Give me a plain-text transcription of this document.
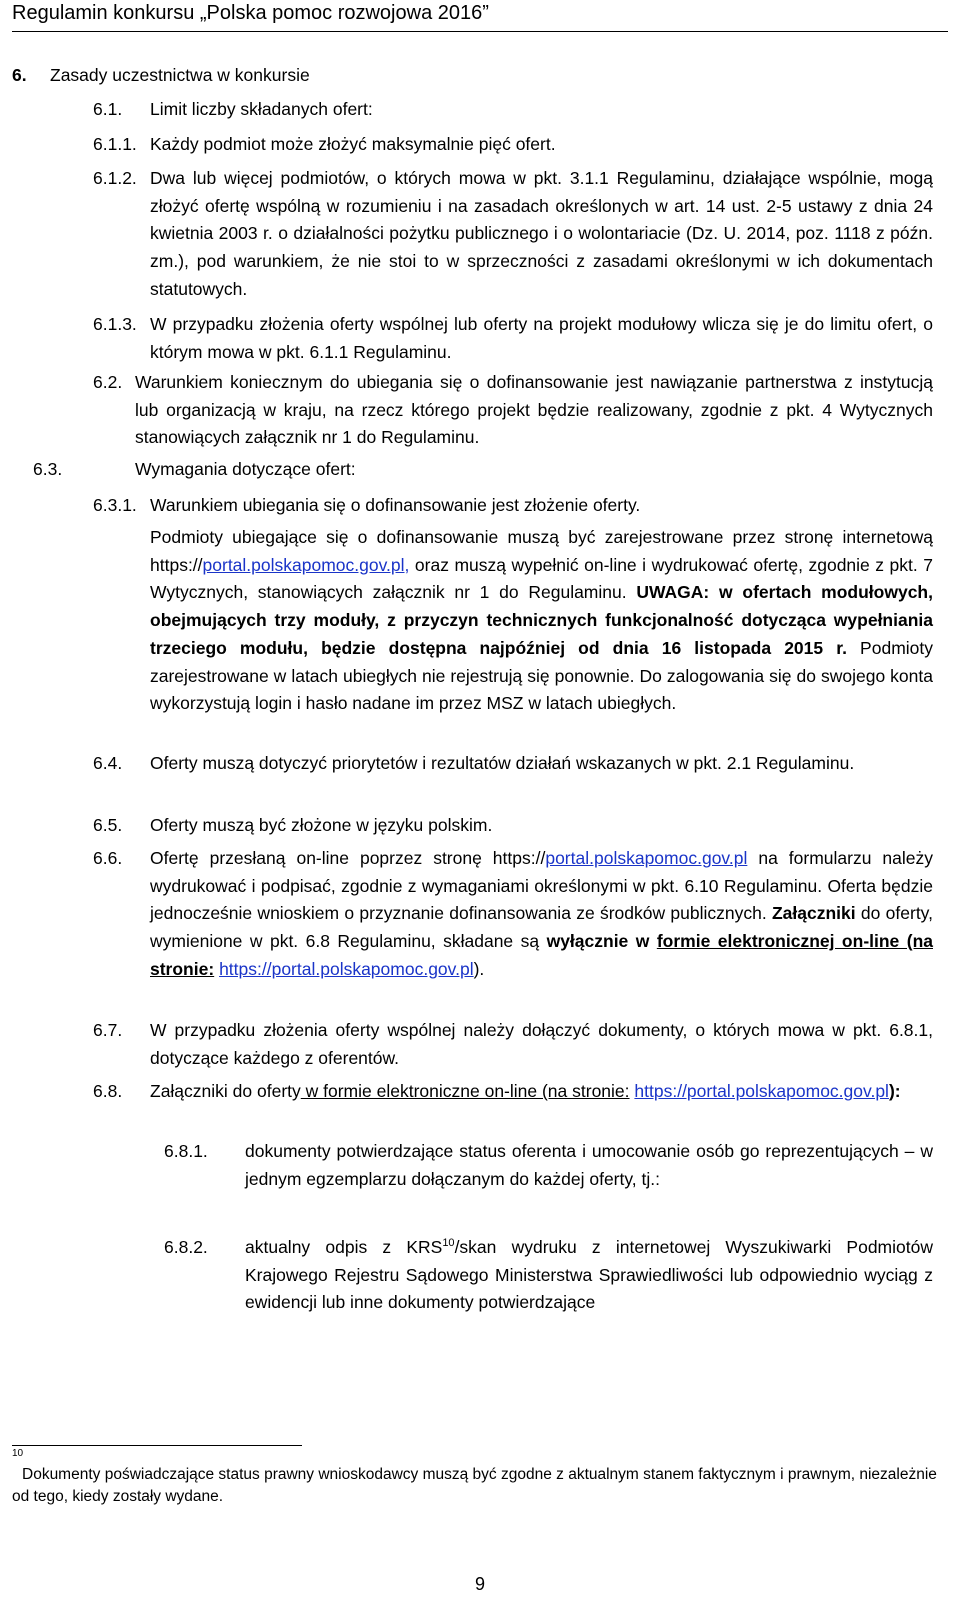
Regulamin konkursu „Polska pomoc rozwojowa 2016”
6. Zasady uczestnictwa w konkursie
6.1. Limit liczby składanych ofert:
6.1.1. Każdy podmiot może złożyć maksymalnie pięć ofert.
6.1.2. Dwa lub więcej podmiotów, o których mowa w pkt. 3.1.1 Regulaminu, działające wspólnie, mogą złożyć ofertę wspólną w rozumieniu i na zasadach określonych w art. 14 ust. 2-5 ustawy z dnia 24 kwietnia 2003 r. o działalności pożytku publicznego i o wolontariacie (Dz. U. 2014, poz. 1118 z późn. zm.), pod warunkiem, że nie stoi to w sprzeczności z zasadami określonymi w ich dokumentach statutowych.
6.1.3. W przypadku złożenia oferty wspólnej lub oferty na projekt modułowy wlicza się je do limitu ofert, o którym mowa w pkt. 6.1.1 Regulaminu.
6.2. Warunkiem koniecznym do ubiegania się o dofinansowanie jest nawiązanie partnerstwa z instytucją lub organizacją w kraju, na rzecz którego projekt będzie realizowany, zgodnie z pkt. 4 Wytycznych stanowiących załącznik nr 1 do Regulaminu.
6.3.	Wymagania dotyczące ofert:
6.3.1. Warunkiem ubiegania się o dofinansowanie jest złożenie oferty.
Podmioty ubiegające się o dofinansowanie muszą być zarejestrowane przez stronę internetową https://portal.polskapomoc.gov.pl, oraz muszą wypełnić on-line i wydrukować ofertę, zgodnie z pkt. 7 Wytycznych, stanowiących załącznik nr 1 do Regulaminu. UWAGA: w ofertach modułowych, obejmujących trzy moduły, z przyczyn technicznych funkcjonalność dotycząca wypełniania trzeciego modułu, będzie dostępna najpóźniej od dnia 16 listopada 2015 r. Podmioty zarejestrowane w latach ubiegłych nie rejestrują się ponownie. Do zalogowania się do swojego konta wykorzystują login i hasło nadane im przez MSZ w latach ubiegłych.
6.4. Oferty muszą dotyczyć priorytetów i rezultatów działań wskazanych w pkt. 2.1 Regulaminu.
6.5. Oferty muszą być złożone w języku polskim.
6.6. Ofertę przesłaną on-line poprzez stronę https://portal.polskapomoc.gov.pl na formularzu należy wydrukować i podpisać, zgodnie z wymaganiami określonymi w pkt. 6.10 Regulaminu. Oferta będzie jednocześnie wnioskiem o przyznanie dofinansowania ze środków publicznych. Załączniki do oferty, wymienione w pkt. 6.8 Regulaminu, składane są wyłącznie w formie elektronicznej on-line (na stronie: https://portal.polskapomoc.gov.pl).
6.7. W przypadku złożenia oferty wspólnej należy dołączyć dokumenty, o których mowa w pkt. 6.8.1, dotyczące każdego z oferentów.
6.8. Załączniki do oferty w formie elektroniczne on-line (na stronie: https://portal.polskapomoc.gov.pl):
6.8.1. dokumenty potwierdzające status oferenta i umocowanie osób go reprezentujących – w jednym egzemplarzu dołączanym do każdej oferty, tj.:
6.8.2. aktualny odpis z KRS$^{10}$/skan wydruku z internetowej Wyszukiwarki Podmiotów Krajowego Rejestru Sądowego Ministerstwa Sprawiedliwości lub odpowiednio wyciąg z ewidencji lub inne dokumenty potwierdzające
10
Dokumenty poświadczające status prawny wnioskodawcy muszą być zgodne z aktualnym stanem faktycznym i prawnym, niezależnie od tego, kiedy zostały wydane.
9
